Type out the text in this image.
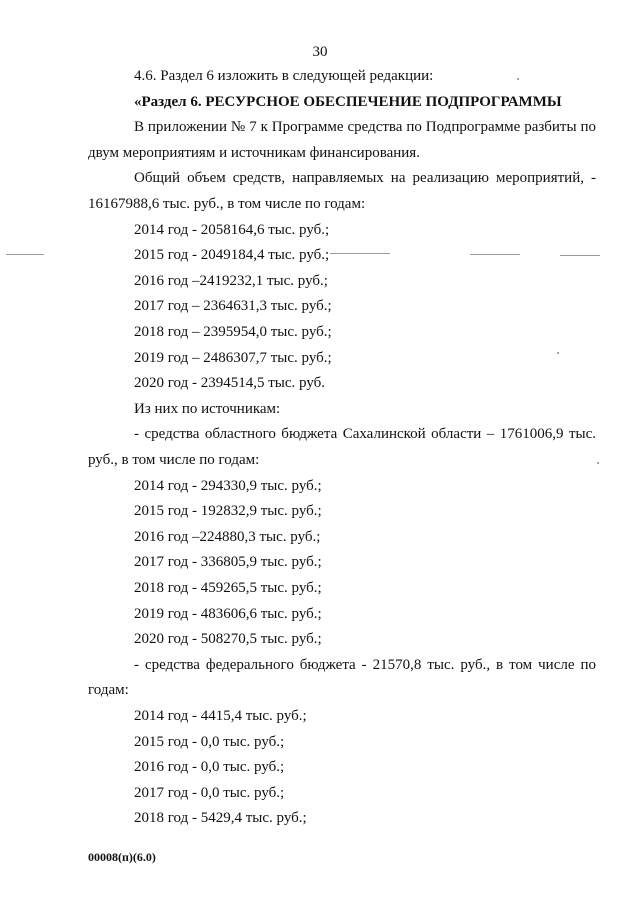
30
4.6. Раздел 6 изложить в следующей редакции:
«Раздел 6. РЕСУРСНОЕ ОБЕСПЕЧЕНИЕ ПОДПРОГРАММЫ
В приложении № 7 к Программе средства по Подпрограмме разбиты по
двум мероприятиям и источникам финансирования.
Общий объем средств, направляемых на реализацию мероприятий, -
16167988,6 тыс. руб., в том числе по годам:
2014 год - 2058164,6 тыс. руб.;
2015 год - 2049184,4 тыс. руб.;
2016 год –2419232,1 тыс. руб.;
2017 год – 2364631,3 тыс. руб.;
2018 год – 2395954,0 тыс. руб.;
2019 год – 2486307,7 тыс. руб.;
2020 год - 2394514,5 тыс. руб.
Из них по источникам:
- средства областного бюджета Сахалинской области – 1761006,9 тыс.
руб., в том числе по годам:
2014 год - 294330,9 тыс. руб.;
2015 год - 192832,9 тыс. руб.;
2016 год –224880,3 тыс. руб.;
2017 год - 336805,9 тыс. руб.;
2018 год - 459265,5 тыс. руб.;
2019 год - 483606,6 тыс. руб.;
2020 год - 508270,5 тыс. руб.;
- средства федерального бюджета - 21570,8 тыс. руб., в том числе по
годам:
2014 год - 4415,4 тыс. руб.;
2015 год - 0,0 тыс. руб.;
2016 год - 0,0 тыс. руб.;
2017 год - 0,0 тыс. руб.;
2018 год - 5429,4 тыс. руб.;
00008(п)(6.0)
